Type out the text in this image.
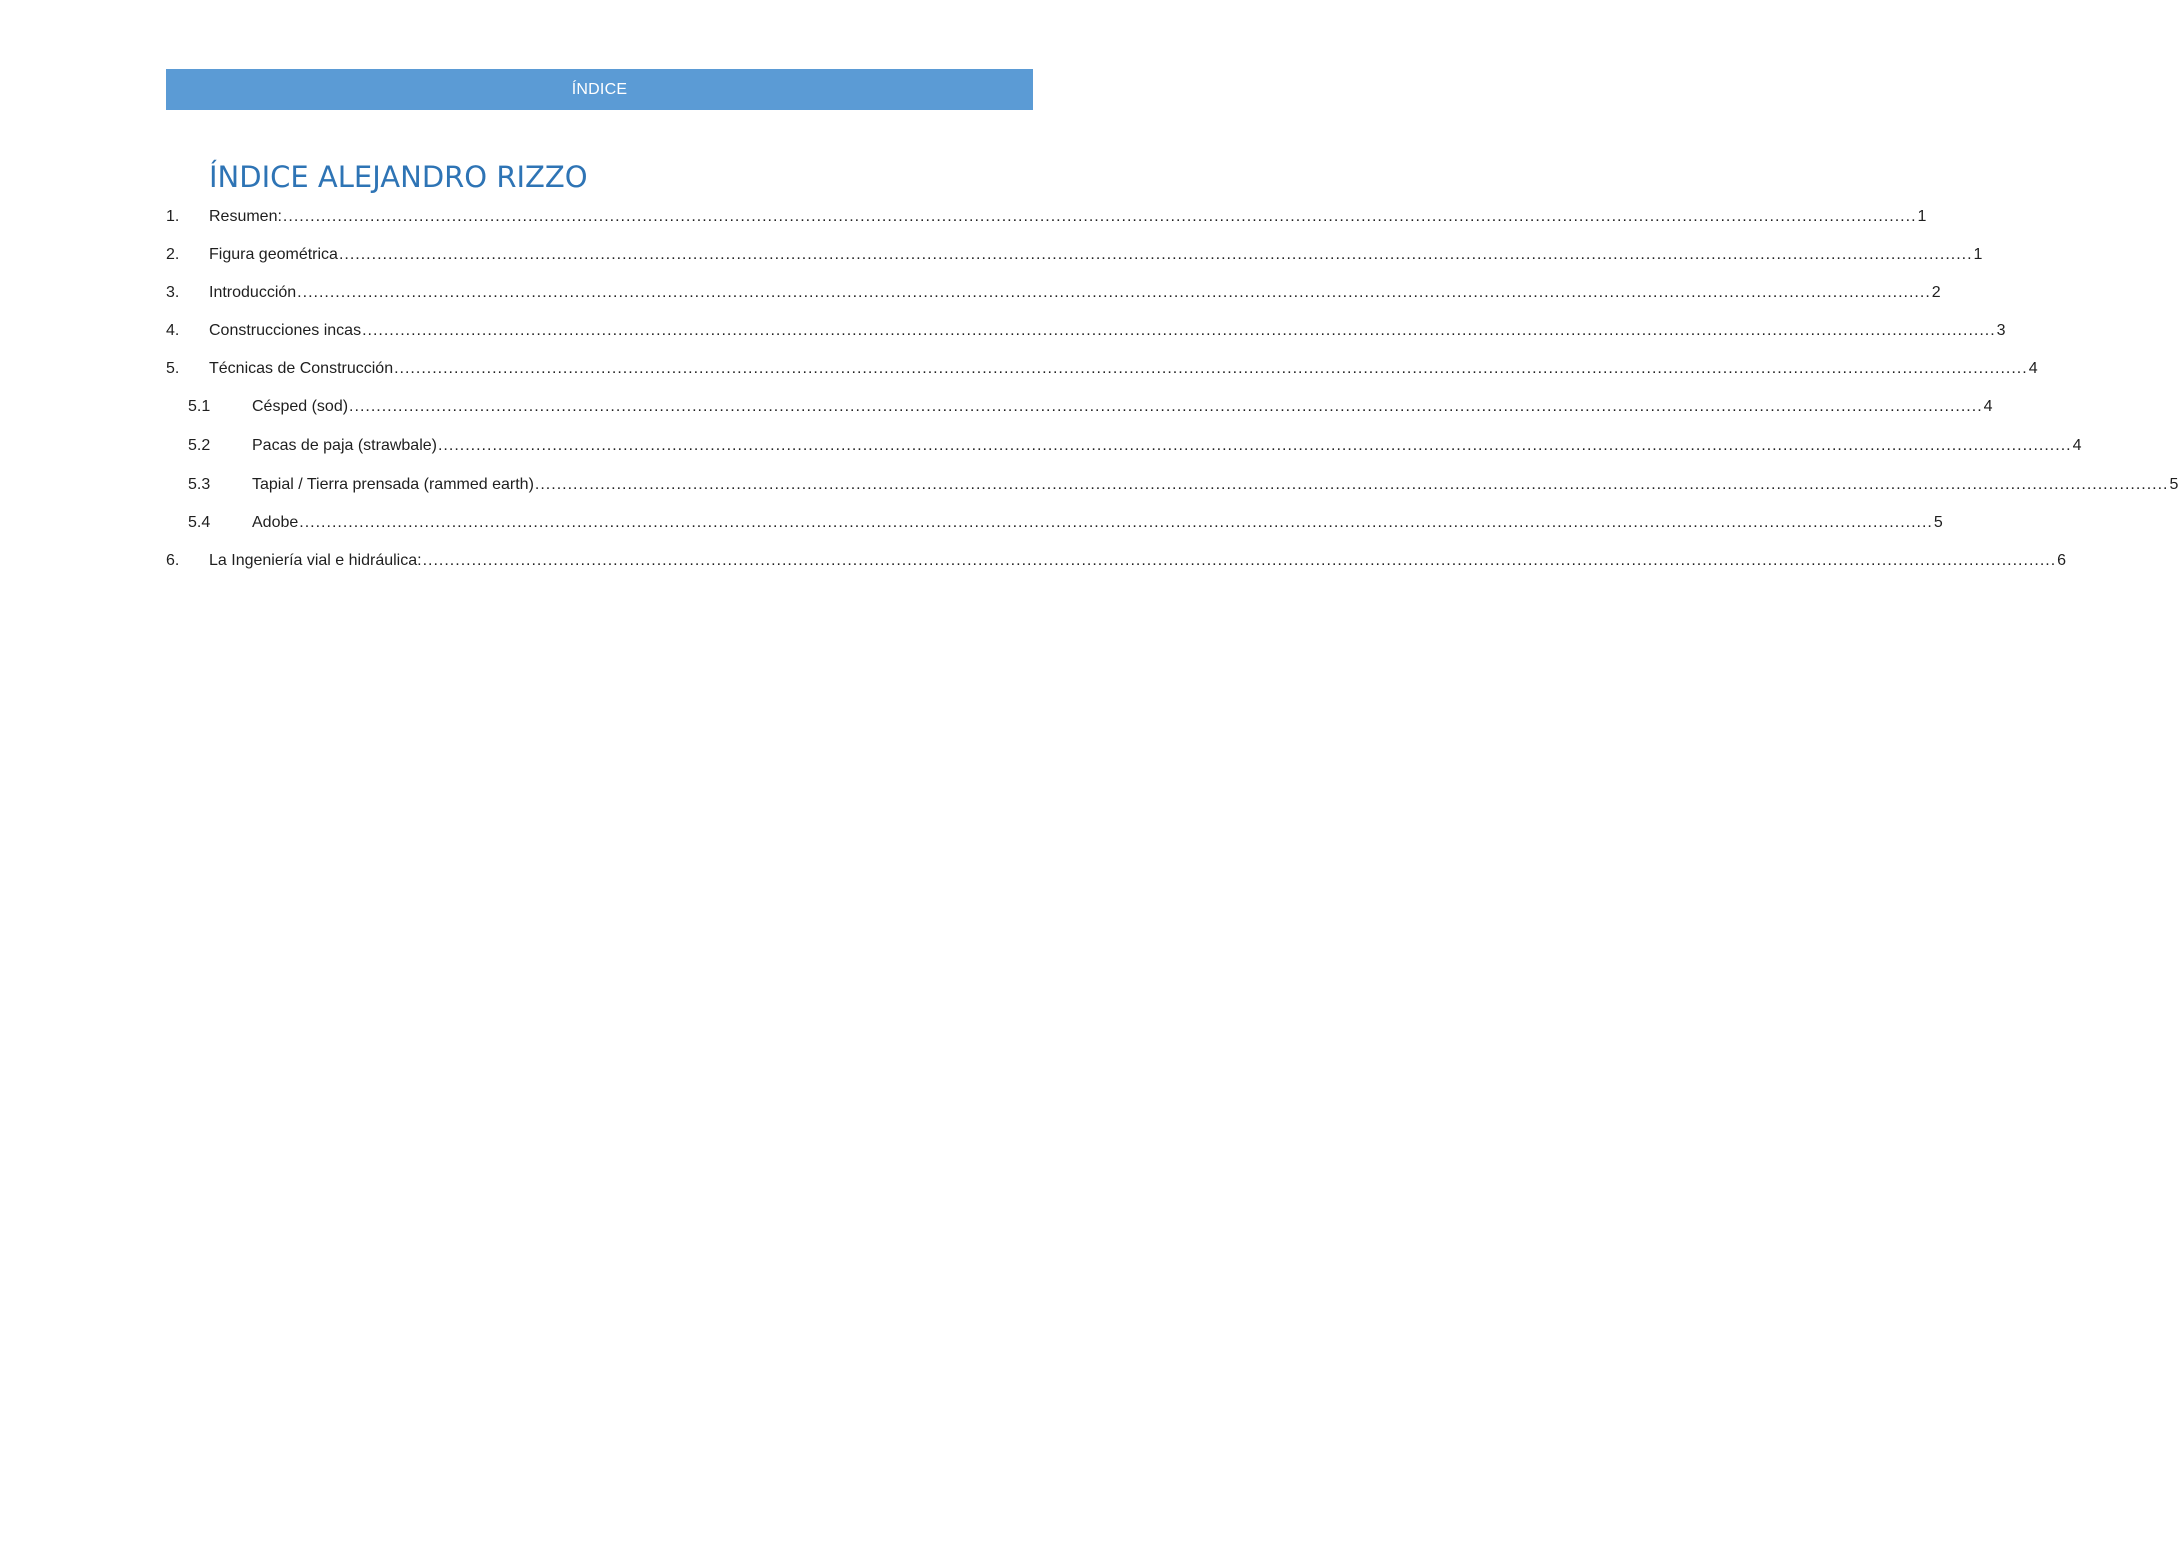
ÍNDICE
ÍNDICE ALEJANDRO RIZZO
1. Resumen: ............................................................................................................................................................................................................................................................................................................ 1
2. Figura geométrica ............................................................................................................................................................................................................................................................................................................ 1
3. Introducción ............................................................................................................................................................................................................................................................................................................ 2
4. Construcciones incas ............................................................................................................................................................................................................................................................................................................ 3
5. Técnicas de Construcción ............................................................................................................................................................................................................................................................................................................ 4
5.1	Césped (sod) ............................................................................................................................................................................................................................................................................................................ 4
5.2	Pacas de paja (strawbale) ............................................................................................................................................................................................................................................................................................................ 4
5.3	Tapial / Tierra prensada (rammed earth) ............................................................................................................................................................................................................................................................................................................ 5
5.4	Adobe ............................................................................................................................................................................................................................................................................................................ 5
6. La Ingeniería vial e hidráulica: ............................................................................................................................................................................................................................................................................................................ 6
